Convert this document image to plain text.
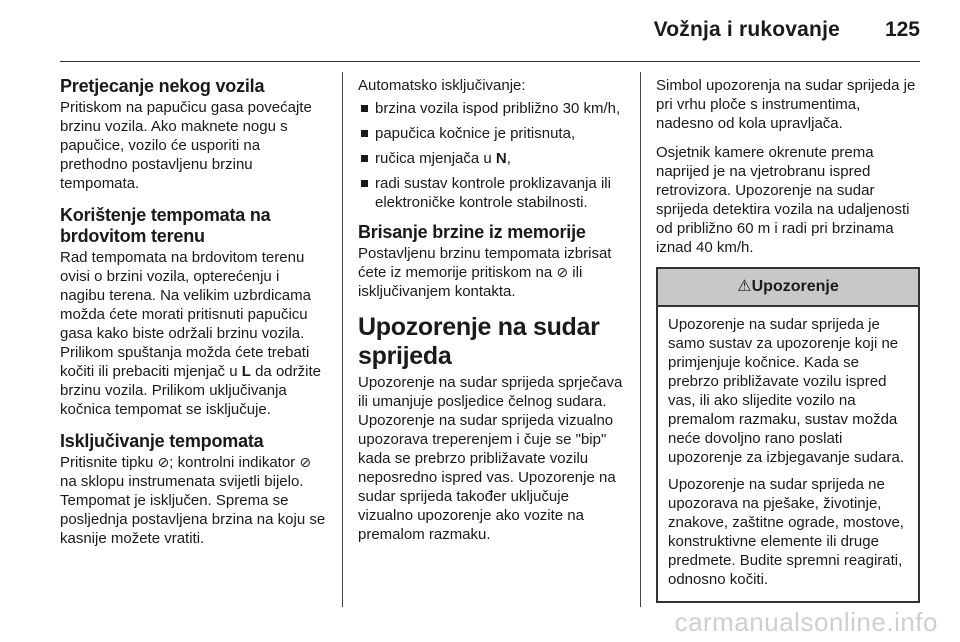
Vožnja i rukovanje 125
Pretjecanje nekog vozila

Pritiskom na papučicu gasa povećajte brzinu vozila. Ako maknete nogu s papučice, vozilo će usporiti na prethodno postavljenu brzinu tempomata.

Korištenje tempomata na brdovitom terenu

Rad tempomata na brdovitom terenu ovisi o brzini vozila, opterećenju i nagibu terena. Na velikim uzbrdicama možda ćete morati pritisnuti papučicu gasa kako biste održali brzinu vozila. Prilikom spuštanja možda ćete trebati kočiti ili prebaciti mjenjač u L da održite brzinu vozila. Prilikom uključivanja kočnica tempomat se isključuje.

Isključivanje tempomata

Pritisnite tipku ⊘; kontrolni indikator ⊘ na sklopu instrumenata svijetli bijelo. Tempomat je isključen. Sprema se posljednja postavljena brzina na koju se kasnije možete vratiti.

Automatsko isključivanje:

brzina vozila ispod približno 30 km/h,
papučica kočnice je pritisnuta,
ručica mjenjača u N,
radi sustav kontrole proklizavanja ili elektroničke kontrole stabilnosti.
Brisanje brzine iz memorije

Postavljenu brzinu tempomata izbrisat ćete iz memorije pritiskom na ⊘ ili isključivanjem kontakta.

Upozorenje na sudar sprijeda

Upozorenje na sudar sprijeda sprječava ili umanjuje posljedice čelnog sudara. Upozorenje na sudar sprijeda vizualno upozorava treperenjem i čuje se "bip" kada se prebrzo približavate vozilu neposredno ispred vas. Upozorenje na sudar sprijeda također uključuje vizualno upozorenje ako vozite na premalom razmaku.

Simbol upozorenja na sudar sprijeda je pri vrhu ploče s instrumentima, nadesno od kola upravljača.

Osjetnik kamere okrenute prema naprijed je na vjetrobranu ispred retrovizora. Upozorenje na sudar sprijeda detektira vozila na udaljenosti od približno 60 m i radi pri brzinama iznad 40 km/h.

⚠Upozorenje

Upozorenje na sudar sprijeda je samo sustav za upozorenje koji ne primjenjuje kočnice. Kada se prebrzo približavate vozilu ispred vas, ili ako slijedite vozilo na premalom razmaku, sustav možda neće dovoljno rano poslati upozorenje za izbjegavanje sudara.

Upozorenje na sudar sprijeda ne upozorava na pješake, životinje, znakove, zaštitne ograde, mostove, konstruktivne elemente ili druge predmete. Budite spremni reagirati, odnosno kočiti.

carmanualsonline.info
